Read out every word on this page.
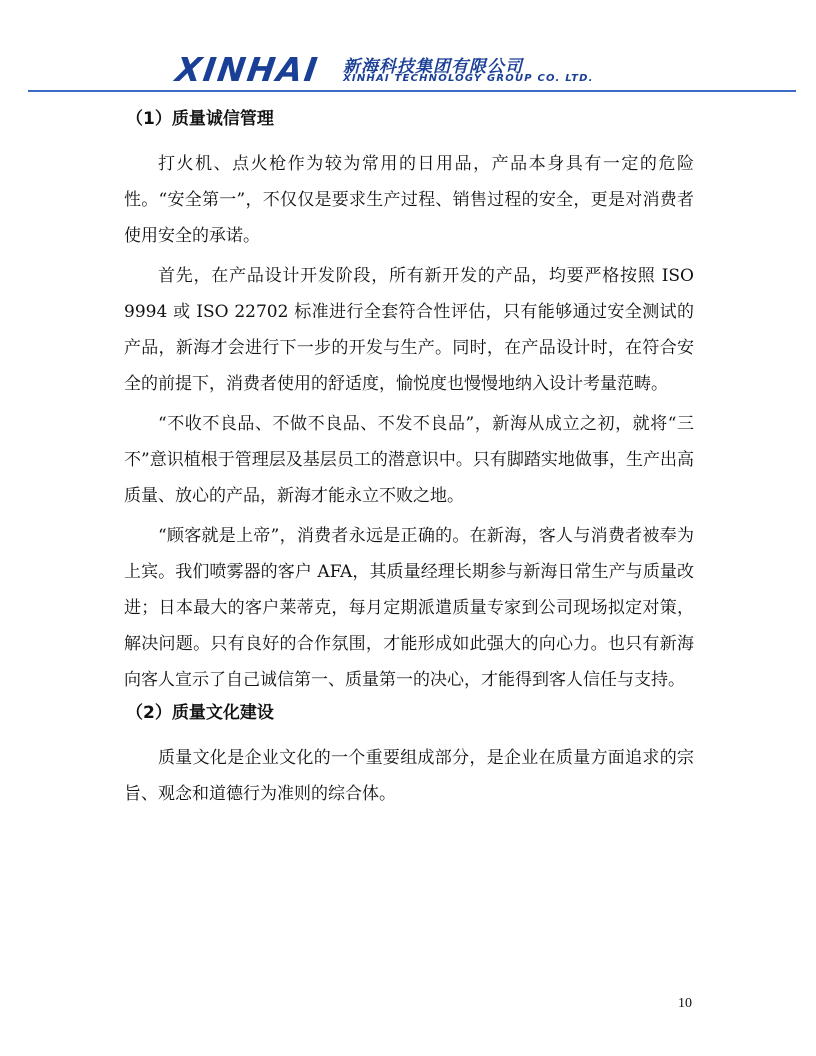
XINHAI 新海科技集团有限公司
XINHAI TECHNOLOGY GROUP CO. LTD.

（1）质量诚信管理

打火机、点火枪作为较为常用的日用品，产品本身具有一定的危险性。“安全第一”，不仅仅是要求生产过程、销售过程的安全，更是对消费者使用安全的承诺。

首先，在产品设计开发阶段，所有新开发的产品，均要严格按照 ISO 9994 或 ISO 22702 标准进行全套符合性评估，只有能够通过安全测试的产品，新海才会进行下一步的开发与生产。同时，在产品设计时，在符合安全的前提下，消费者使用的舒适度，愉悦度也慢慢地纳入设计考量范畴。

“不收不良品、不做不良品、不发不良品”，新海从成立之初，就将“三不”意识植根于管理层及基层员工的潜意识中。只有脚踏实地做事，生产出高质量、放心的产品，新海才能永立不败之地。

“顾客就是上帝”，消费者永远是正确的。在新海，客人与消费者被奉为上宾。我们喷雾器的客户 AFA，其质量经理长期参与新海日常生产与质量改进；日本最大的客户莱蒂克，每月定期派遣质量专家到公司现场拟定对策，解决问题。只有良好的合作氛围，才能形成如此强大的向心力。也只有新海向客人宣示了自己诚信第一、质量第一的决心，才能得到客人信任与支持。

（2）质量文化建设

质量文化是企业文化的一个重要组成部分，是企业在质量方面追求的宗旨、观念和道德行为准则的综合体。

10
